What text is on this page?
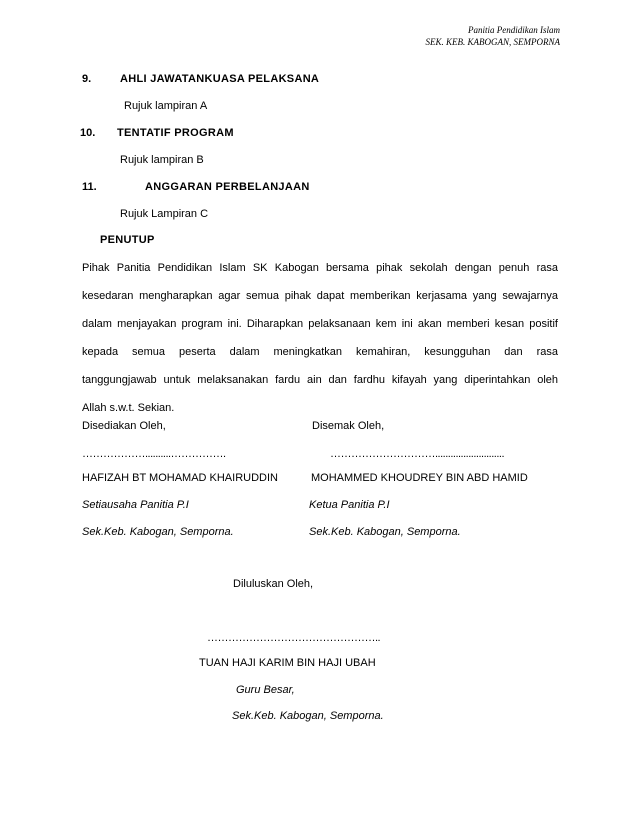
Panitia Pendidikan Islam
SEK. KEB. KABOGAN, SEMPORNA
9.	AHLI JAWATANKUASA PELAKSANA
Rujuk lampiran A
10. TENTATIF PROGRAM
Rujuk lampiran B
11.	ANGGARAN PERBELANJAAN
Rujuk Lampiran C
PENUTUP
Pihak Panitia Pendidikan Islam SK Kabogan bersama pihak sekolah dengan penuh rasa
kesedaran mengharapkan agar semua pihak dapat memberikan kerjasama yang sewajarnya
dalam menjayakan program ini. Diharapkan pelaksanaan kem ini akan memberi kesan positif
kepada semua peserta dalam meningkatkan kemahiran, kesungguhan dan rasa
tanggungjawab untuk melaksanakan fardu ain dan fardhu kifayah yang diperintahkan oleh
Allah s.w.t. Sekian.
Disediakan Oleh,
………………..........…………….
HAFIZAH BT MOHAMAD KHAIRUDDIN
Setiausaha Panitia P.I
Sek.Keb. Kabogan, Semporna.
Disemak Oleh,
…………………………...........................
MOHAMMED KHOUDREY BIN ABD HAMID
Ketua Panitia P.I
Sek.Keb. Kabogan, Semporna.
Diluluskan Oleh,
…………………………………………..
TUAN HAJI KARIM BIN HAJI UBAH
Guru Besar,
Sek.Keb. Kabogan, Semporna.
